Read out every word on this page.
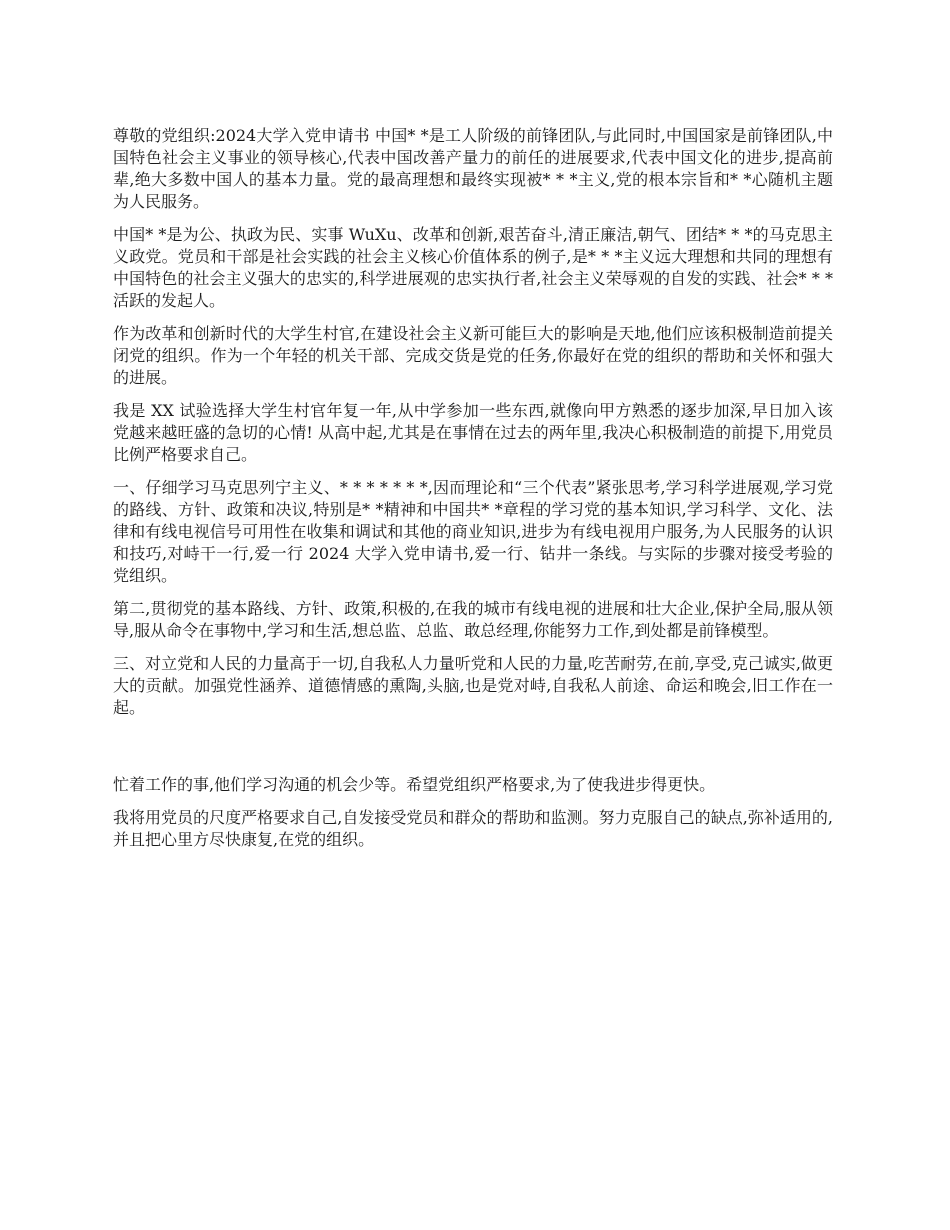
尊敬的党组织:2024大学入党申请书 中国* *是工人阶级的前锋团队,与此同时,中国国家是前锋团队,中国特色社会主义事业的领导核心,代表中国改善产量力的前任的进展要求,代表中国文化的进步,提高前辈,绝大多数中国人的基本力量。党的最高理想和最终实现被* * *主义,党的根本宗旨和* *心随机主题为人民服务。

中国* *是为公、执政为民、实事 WuXu、改革和创新,艰苦奋斗,清正廉洁,朝气、团结* * *的马克思主义政党。党员和干部是社会实践的社会主义核心价值体系的例子,是* * *主义远大理想和共同的理想有中国特色的社会主义强大的忠实的,科学进展观的忠实执行者,社会主义荣辱观的自发的实践、社会* * *活跃的发起人。

作为改革和创新时代的大学生村官,在建设社会主义新可能巨大的影响是天地,他们应该积极制造前提关闭党的组织。作为一个年轻的机关干部、完成交货是党的任务,你最好在党的组织的帮助和关怀和强大的进展。

我是 XX 试验选择大学生村官年复一年,从中学参加一些东西,就像向甲方熟悉的逐步加深,早日加入该党越来越旺盛的急切的心情! 从高中起,尤其是在事情在过去的两年里,我决心积极制造的前提下,用党员比例严格要求自己。

一、仔细学习马克思列宁主义、* * * * * * *,因而理论和“三个代表”紧张思考,学习科学进展观,学习党的路线、方针、政策和决议,特别是* *精神和中国共* *章程的学习党的基本知识,学习科学、文化、法律和有线电视信号可用性在收集和调试和其他的商业知识,进步为有线电视用户服务,为人民服务的认识和技巧,对峙干一行,爱一行 2024 大学入党申请书,爱一行、钻井一条线。与实际的步骤对接受考验的党组织。

第二,贯彻党的基本路线、方针、政策,积极的,在我的城市有线电视的进展和壮大企业,保护全局,服从领导,服从命令在事物中,学习和生活,想总监、总监、敢总经理,你能努力工作,到处都是前锋模型。

三、对立党和人民的力量高于一切,自我私人力量听党和人民的力量,吃苦耐劳,在前,享受,克己诚实,做更大的贡献。加强党性涵养、道德情感的熏陶,头脑,也是党对峙,自我私人前途、命运和晚会,旧工作在一起。

忙着工作的事,他们学习沟通的机会少等。希望党组织严格要求,为了使我进步得更快。

我将用党员的尺度严格要求自己,自发接受党员和群众的帮助和监测。努力克服自己的缺点,弥补适用的,并且把心里方尽快康复,在党的组织。
